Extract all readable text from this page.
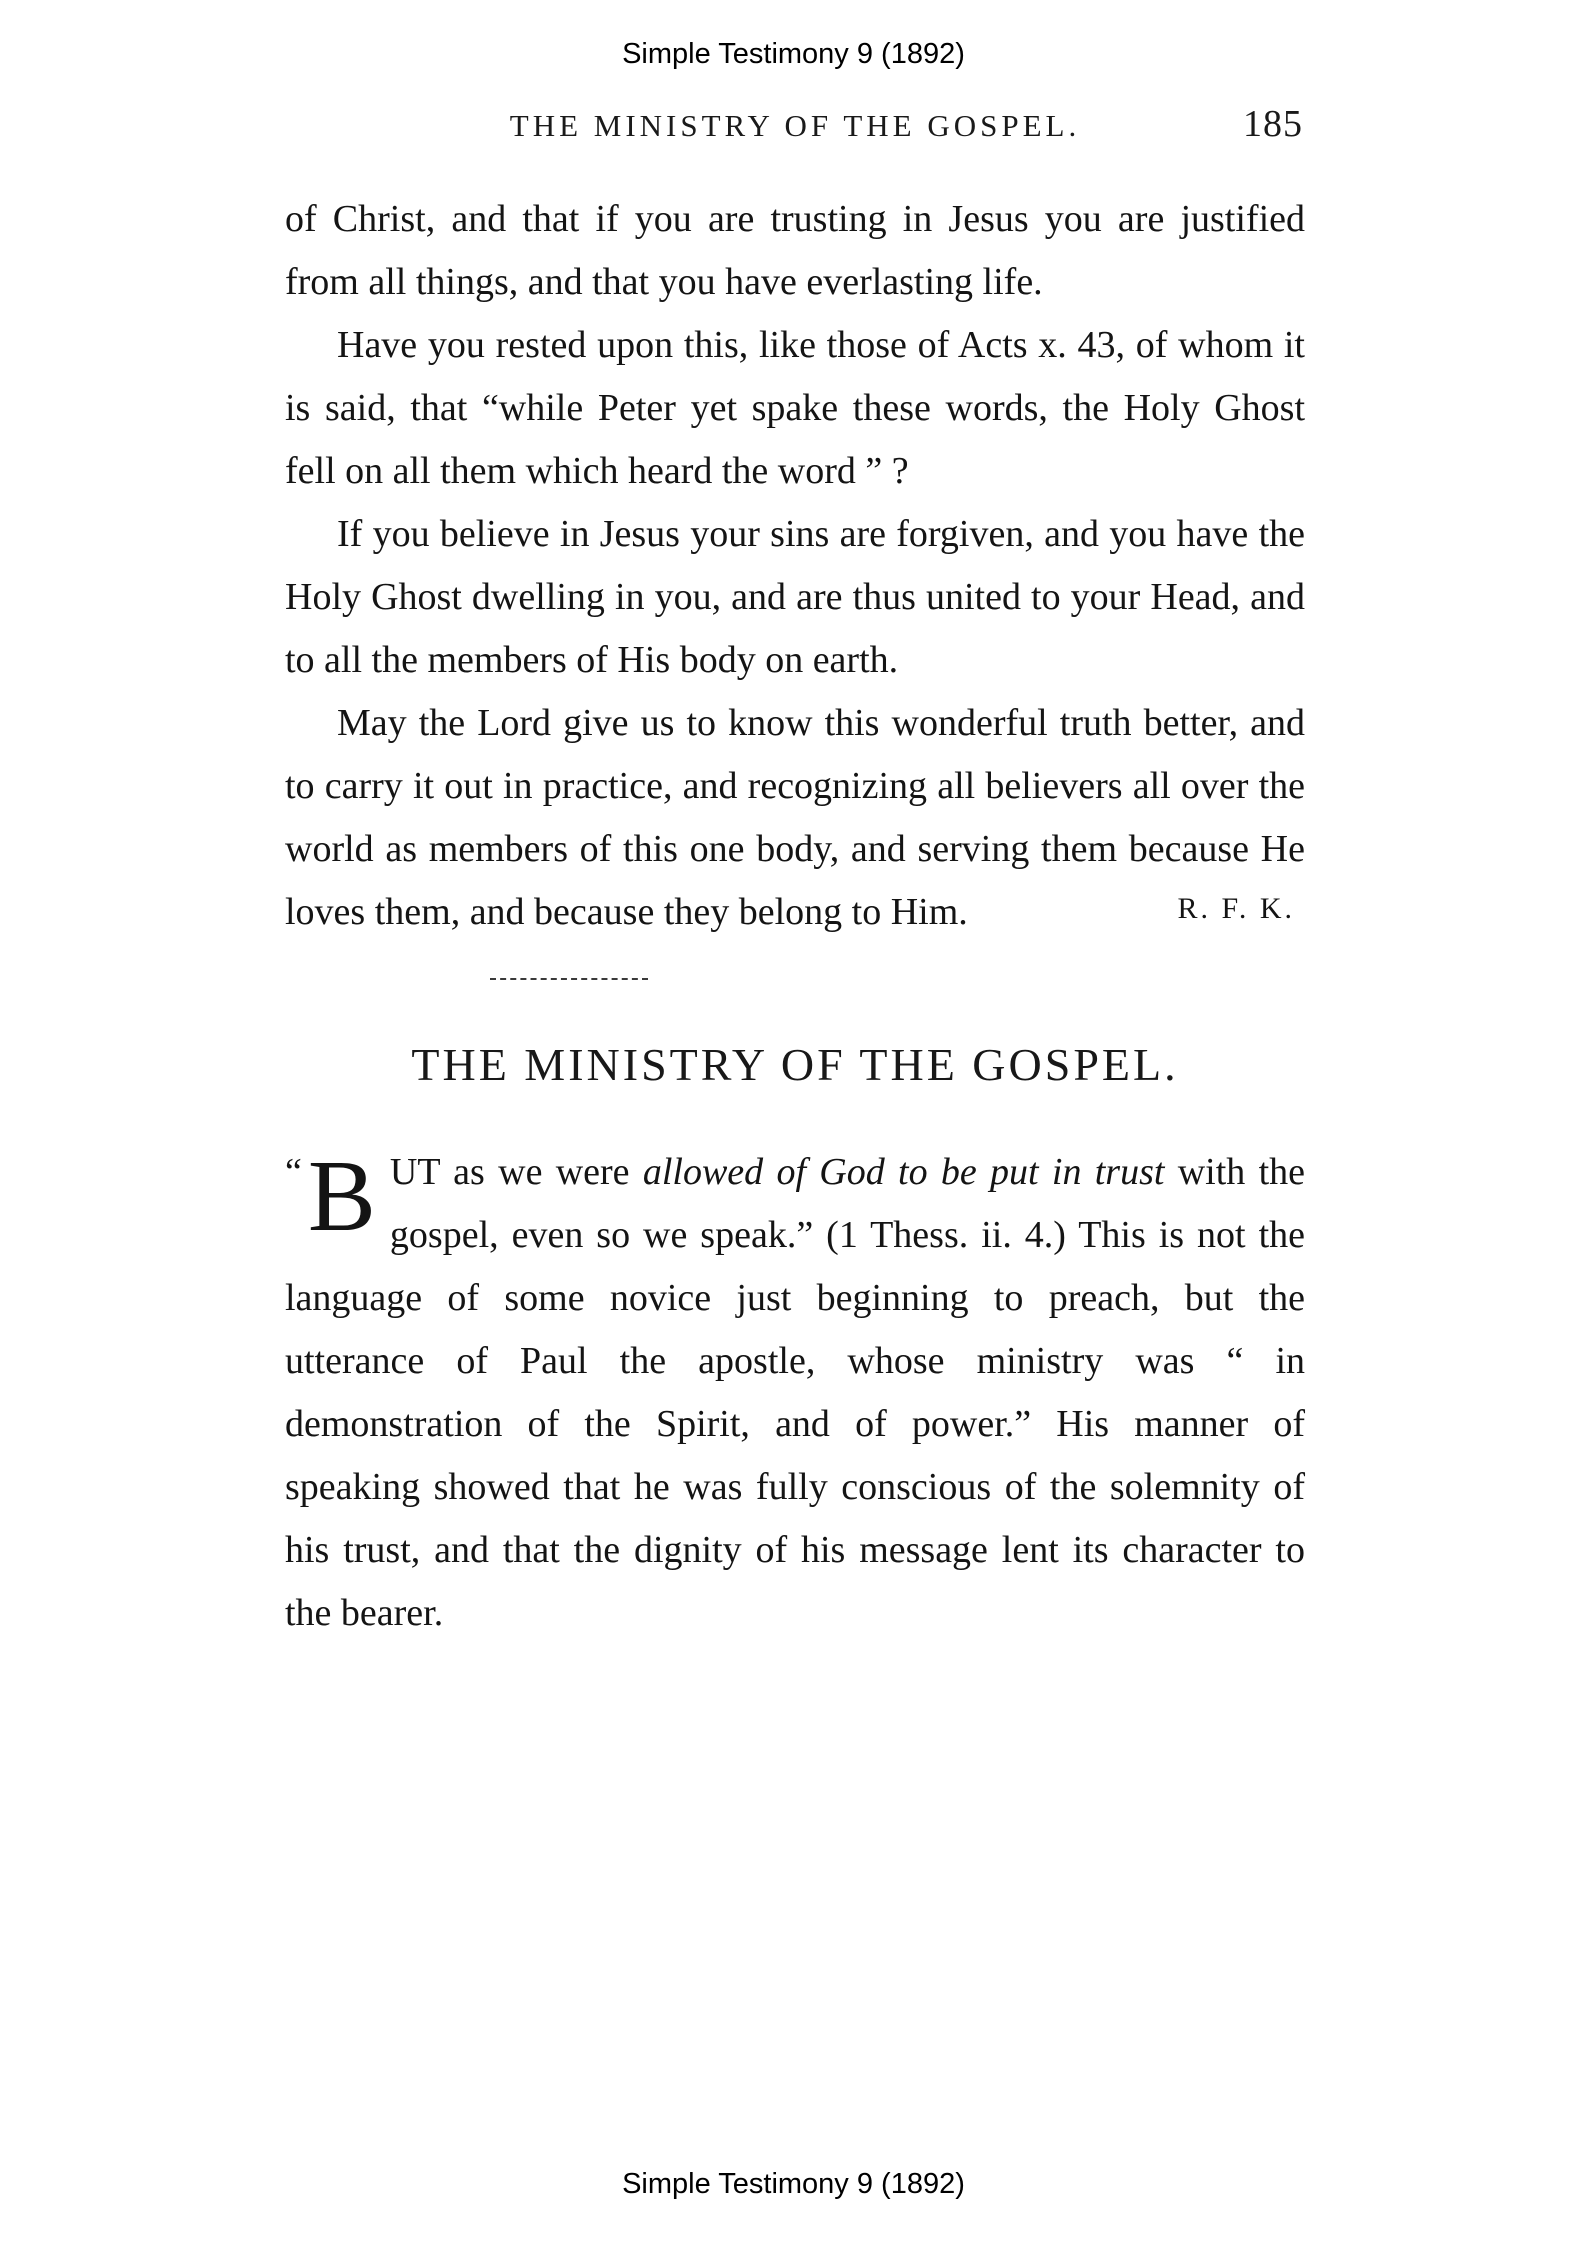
Simple Testimony 9 (1892)
THE MINISTRY OF THE GOSPEL.	185

of Christ, and that if you are trusting in Jesus you are justified from all things, and that you have everlasting life.

Have you rested upon this, like those of Acts x. 43, of whom it is said, that “while Peter yet spake these words, the Holy Ghost fell on all them which heard the word ” ?

If you believe in Jesus your sins are forgiven, and you have the Holy Ghost dwelling in you, and are thus united to your Head, and to all the members of His body on earth.

May the Lord give us to know this wonderful truth better, and to carry it out in practice, and recognizing all believers all over the world as members of this one body, and serving them because He loves them, and because they belong to Him.	R. F. K.

THE MINISTRY OF THE GOSPEL.

“ B UT as we were allowed of God to be put in trust with the gospel, even so we speak.” (1 Thess. ii. 4.) This is not the language of some novice just beginning to preach, but the utterance of Paul the apostle, whose ministry was “ in demonstration of the Spirit, and of power.” His manner of speaking showed that he was fully conscious of the solemnity of his trust, and that the dignity of his message lent its character to the bearer.

Simple Testimony 9 (1892)
